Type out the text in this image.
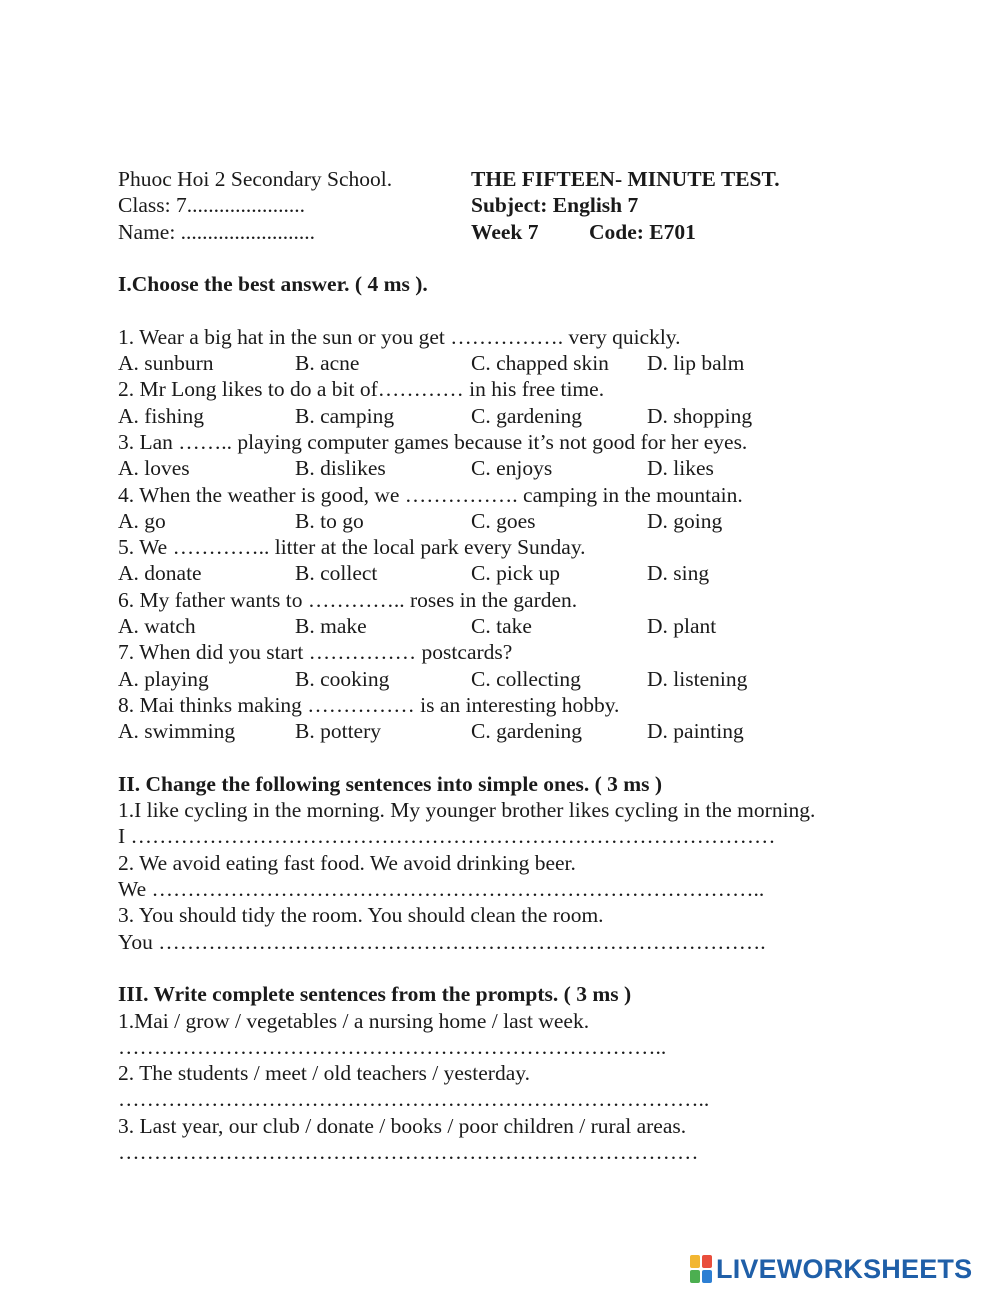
Phuoc Hoi 2 Secondary School.	THE FIFTEEN- MINUTE TEST.
Class: 7......................	Subject: English 7
Name: .........................	Week 7 Code: E701
I.Choose the best answer. ( 4 ms ).
1. Wear a big hat in the sun or you get ……………. very quickly.
A. sunburn	B. acne	C. chapped skin D. lip balm
2. Mr Long likes to do a bit of………… in his free time.
A. fishing	B. camping	C. gardening	D. shopping
3. Lan …….. playing computer games because it’s not good for her eyes.
A. loves	B. dislikes	C. enjoys	D. likes
4. When the weather is good, we ……………. camping in the mountain.
A. go	B. to go	C. goes	D. going
5. We ………….. litter at the local park every Sunday.
A. donate	B. collect	C. pick up	D. sing
6. My father wants to ………….. roses in the garden.
A. watch	B. make	C. take	D. plant
7. When did you start …………… postcards?
A. playing	B. cooking	C. collecting	D. listening
8. Mai thinks making …………… is an interesting hobby.
A. swimming	B. pottery	C. gardening	D. painting
II. Change the following sentences into simple ones. ( 3 ms )
1.I like cycling in the morning. My younger brother likes cycling in the morning.
I ………………………………………………………………………………
2. We avoid eating fast food. We avoid drinking beer.
We …………………………………………………………………………..
3. You should tidy the room. You should clean the room.
You ………………………………………………………………………….
III. Write complete sentences from the prompts. ( 3 ms )
1.Mai / grow / vegetables / a nursing home / last week.
…………………………………………………………………..
2. The students / meet / old teachers / yesterday.
………………………………………………………………………..
3. Last year, our club / donate / books / poor children / rural areas.
………………………………………………………………………
LIVEWORKSHEETS
